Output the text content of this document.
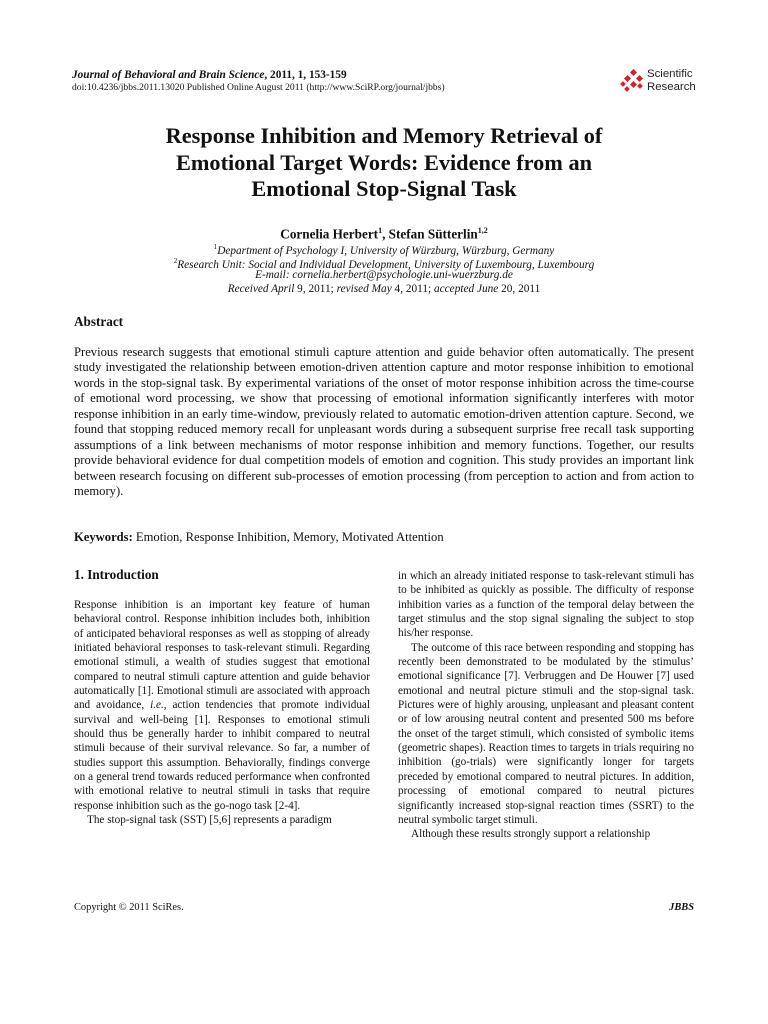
Journal of Behavioral and Brain Science, 2011, 1, 153-159
doi:10.4236/jbbs.2011.13020 Published Online August 2011 (http://www.SciRP.org/journal/jbbs)
Scientific
Research
Response Inhibition and Memory Retrieval of
Emotional Target Words: Evidence from an
Emotional Stop-Signal Task
Cornelia Herbert$^1$, Stefan Sütterlin$^{1,2}$
$^1$Department of Psychology I, University of Würzburg, Würzburg, Germany
$^2$Research Unit: Social and Individual Development, University of Luxembourg, Luxembourg
E-mail: cornelia.herbert@psychologie.uni-wuerzburg.de
Received April 9, 2011; revised May 4, 2011; accepted June 20, 2011
Abstract
Previous research suggests that emotional stimuli capture attention and guide behavior often automatically. The present study investigated the relationship between emotion-driven attention capture and motor response inhibition to emotional words in the stop-signal task. By experimental variations of the onset of motor response inhibition across the time-course of emotional word processing, we show that processing of emotional information significantly interferes with motor response inhibition in an early time-window, previously related to automatic emotion-driven attention capture. Second, we found that stopping reduced memory recall for unpleasant words during a subsequent surprise free recall task supporting assumptions of a link between mechanisms of motor response inhibition and memory functions. Together, our results provide behavioral evidence for dual competition models of emotion and cognition. This study provides an important link between research focusing on different sub-processes of emotion processing (from perception to action and from action to memory).
Keywords: Emotion, Response Inhibition, Memory, Motivated Attention
1. Introduction

Response inhibition is an important key feature of human behavioral control. Response inhibition includes both, inhibition of anticipated behavioral responses as well as stopping of already initiated behavioral responses to task-relevant stimuli. Regarding emotional stimuli, a wealth of studies suggest that emotional compared to neutral stimuli capture attention and guide behavior automatically [1]. Emotional stimuli are associated with approach and avoidance, i.e., action tendencies that promote individual survival and well-being [1]. Responses to emotional stimuli should thus be generally harder to inhibit compared to neutral stimuli because of their survival relevance. So far, a number of studies support this assumption. Behaviorally, findings converge on a general trend towards reduced performance when confronted with emotional relative to neutral stimuli in tasks that require response inhibition such as the go-nogo task [2-4].

The stop-signal task (SST) [5,6] represents a paradigm

in which an already initiated response to task-relevant stimuli has to be inhibited as quickly as possible. The difficulty of response inhibition varies as a function of the temporal delay between the target stimulus and the stop signal signaling the subject to stop his/her response.

The outcome of this race between responding and stopping has recently been demonstrated to be modulated by the stimulus’ emotional significance [7]. Verbruggen and De Houwer [7] used emotional and neutral picture stimuli and the stop-signal task. Pictures were of highly arousing, unpleasant and pleasant content or of low arousing neutral content and presented 500 ms before the onset of the target stimuli, which consisted of symbolic items (geometric shapes). Reaction times to targets in trials requiring no inhibition (go-trials) were significantly longer for targets preceded by emotional compared to neutral pictures. In addition, processing of emotional compared to neutral pictures significantly increased stop-signal reaction times (SSRT) to the neutral symbolic target stimuli.

Although these results strongly support a relationship

Copyright © 2011 SciRes.	JBBS
